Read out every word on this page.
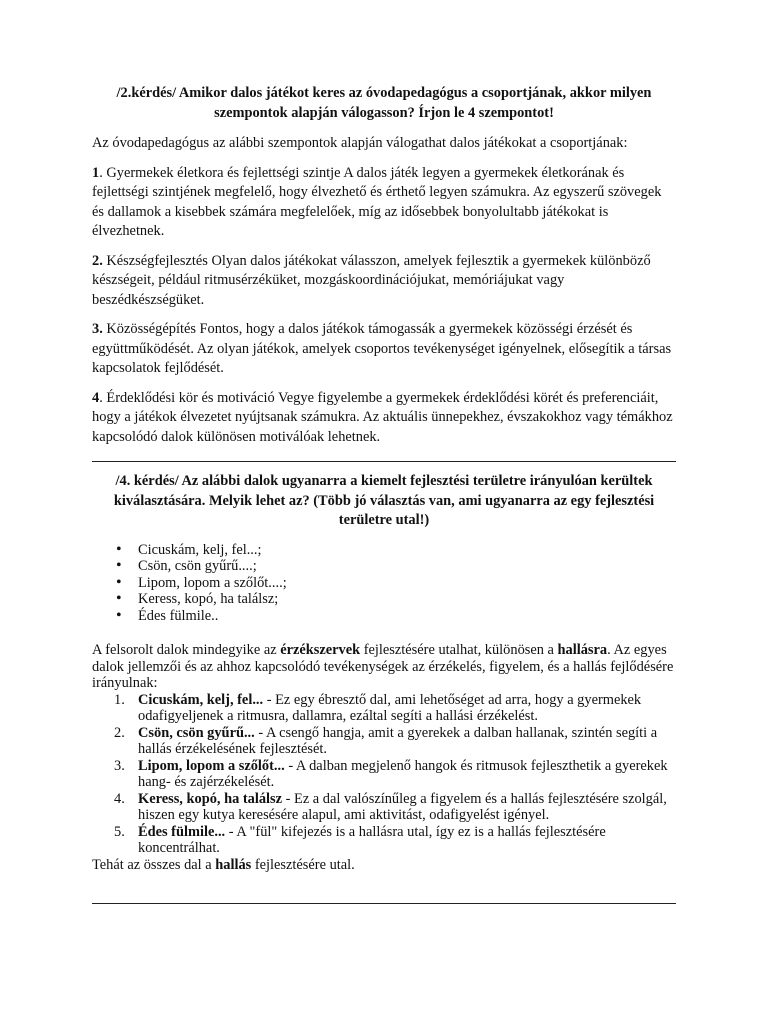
/2.kérdés/ Amikor dalos játékot keres az óvodapedagógus a csoportjának, akkor milyen szempontok alapján válogasson? Írjon le 4 szempontot!

Az óvodapedagógus az alábbi szempontok alapján válogathat dalos játékokat a csoportjának:

1. Gyermekek életkora és fejlettségi szintje A dalos játék legyen a gyermekek életkorának és fejlettségi szintjének megfelelő, hogy élvezhető és érthető legyen számukra. Az egyszerű szövegek és dallamok a kisebbek számára megfelelőek, míg az idősebbek bonyolultabb játékokat is élvezhetnek.

2. Készségfejlesztés Olyan dalos játékokat válasszon, amelyek fejlesztik a gyermekek különböző készségeit, például ritmusérzéküket, mozgáskoordinációjukat, memóriájukat vagy beszédkészségüket.

3. Közösségépítés Fontos, hogy a dalos játékok támogassák a gyermekek közösségi érzését és együttműködését. Az olyan játékok, amelyek csoportos tevékenységet igényelnek, elősegítik a társas kapcsolatok fejlődését.

4. Érdeklődési kör és motiváció Vegye figyelembe a gyermekek érdeklődési körét és preferenciáit, hogy a játékok élvezetet nyújtsanak számukra. Az aktuális ünnepekhez, évszakokhoz vagy témákhoz kapcsolódó dalok különösen motiválóak lehetnek.

/4. kérdés/ Az alábbi dalok ugyanarra a kiemelt fejlesztési területre irányulóan kerültek kiválasztására. Melyik lehet az? (Több jó választás van, ami ugyanarra az egy fejlesztési területre utal!)
• Cicuskám, kelj, fel...;
• Csön, csön gyűrű....;
• Lipom, lopom a szőlőt....;
• Keress, kopó, ha találsz;
• Édes fülmile..

A felsorolt dalok mindegyike az érzékszervek fejlesztésére utalhat, különösen a hallásra. Az egyes dalok jellemzői és az ahhoz kapcsolódó tevékenységek az érzékelés, figyelem, és a hallás fejlődésére irányulnak:

1. Cicuskám, kelj, fel... - Ez egy ébresztő dal, ami lehetőséget ad arra, hogy a gyermekek odafigyeljenek a ritmusra, dallamra, ezáltal segíti a hallási érzékelést.
2. Csön, csön gyűrű... - A csengő hangja, amit a gyerekek a dalban hallanak, szintén segíti a hallás érzékelésének fejlesztését.
3. Lipom, lopom a szőlőt... - A dalban megjelenő hangok és ritmusok fejleszthetik a gyerekek hang- és zajérzékelését.
4. Keress, kopó, ha találsz - Ez a dal valószínűleg a figyelem és a hallás fejlesztésére szolgál, hiszen egy kutya keresésére alapul, ami aktivitást, odafigyelést igényel.
5. Édes fülmile... - A "fül" kifejezés is a hallásra utal, így ez is a hallás fejlesztésére koncentrálhat.

Tehát az összes dal a hallás fejlesztésére utal.
